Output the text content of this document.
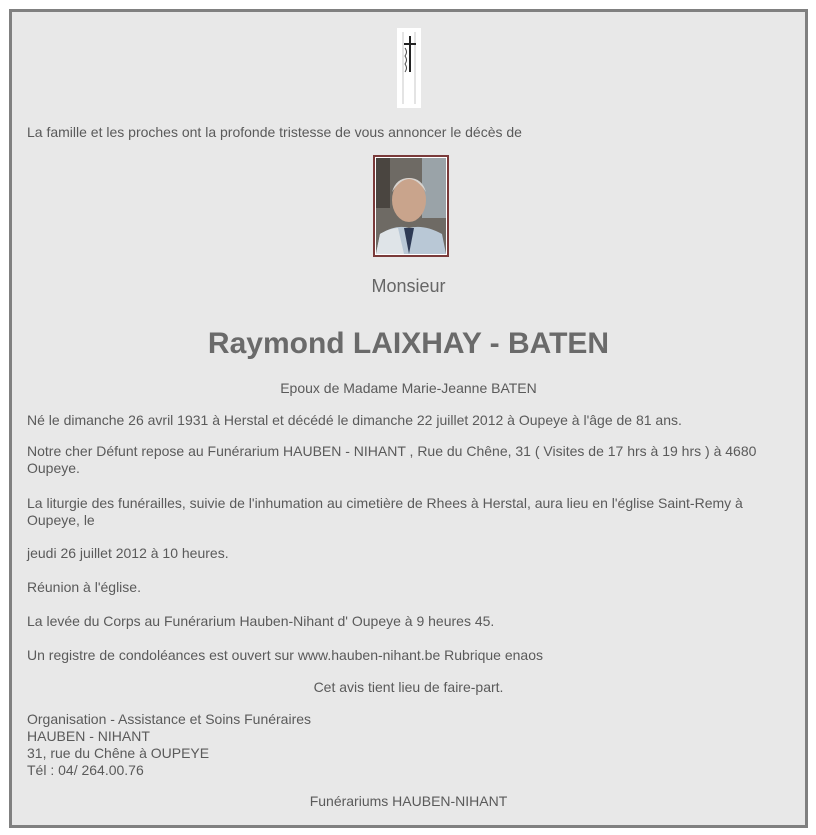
La famille et les proches ont la profonde tristesse de vous annoncer le décès de
Monsieur
Raymond LAIXHAY - BATEN
Epoux de Madame Marie-Jeanne BATEN
Né le dimanche 26 avril 1931 à Herstal et décédé le dimanche 22 juillet 2012 à Oupeye à l'âge de 81 ans.
Notre cher Défunt repose au Funérarium HAUBEN - NIHANT , Rue du Chêne, 31 ( Visites de 17 hrs à 19 hrs ) à 4680 Oupeye.
La liturgie des funérailles, suivie de l'inhumation au cimetière de Rhees à Herstal, aura lieu en l'église Saint-Remy à Oupeye, le
jeudi 26 juillet 2012 à 10 heures.
Réunion à l'église.
La levée du Corps au Funérarium Hauben-Nihant d' Oupeye à 9 heures 45.
Un registre de condoléances est ouvert sur www.hauben-nihant.be Rubrique enaos
Cet avis tient lieu de faire-part.
Organisation - Assistance et Soins Funéraires
HAUBEN - NIHANT
31, rue du Chêne à OUPEYE
Tél : 04/ 264.00.76
Funérariums HAUBEN-NIHANT
